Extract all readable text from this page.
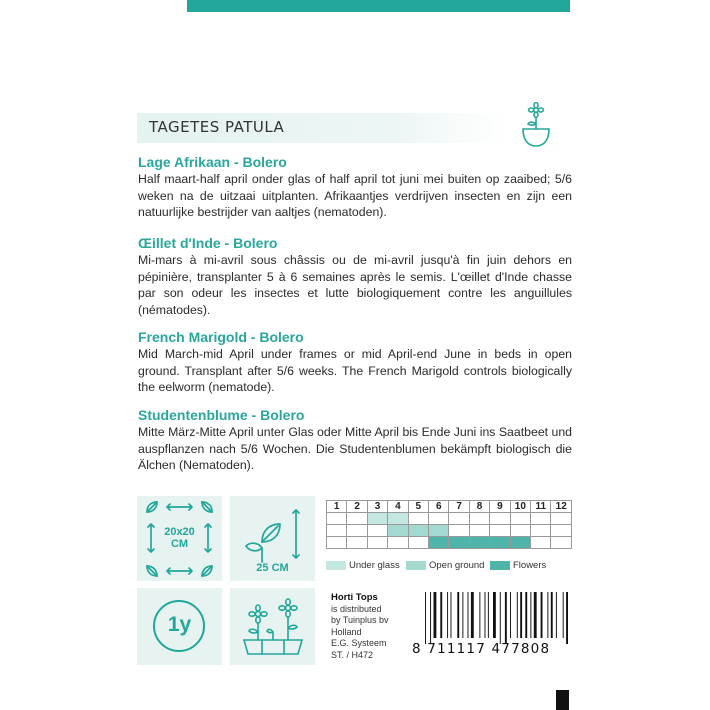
TAGETES PATULA
Lage Afrikaan - Bolero

Half maart-half april onder glas of half april tot juni mei buiten op zaaibed; 5/6 weken na de uitzaai uitplanten. Afrikaantjes verdrijven insecten en zijn een natuurlijke bestrijder van aaltjes (nematoden).

Œillet d'Inde - Bolero

Mi-mars à mi-avril sous châssis ou de mi-avril jusqu'à fin juin dehors en pépinière, transplanter 5 à 6 semaines après le semis. L'œillet d'Inde chasse par son odeur les insectes et lutte biologiquement contre les anguillules (nématodes).

French Marigold - Bolero

Mid March-mid April under frames or mid April-end June in beds in open ground. Transplant after 5/6 weeks. The French Marigold controls biologically the eelworm (nematode).

Studentenblume - Bolero

Mitte März-Mitte April unter Glas oder Mitte April bis Ende Juni ins Saatbeet und auspflanzen nach 5/6 Wochen. Die Studentenblumen bekämpft biologisch die Älchen (Nematoden).

20x20
CM
25 CM
1y
1	2	3	4	5	6	7	8	9	10	11	12

Under glass	Open ground	Flowers
Horti Tops
is distributed
by Tuinplus bv
Holland
E.G. Systeem
ST. / H472	8 711117 477808
